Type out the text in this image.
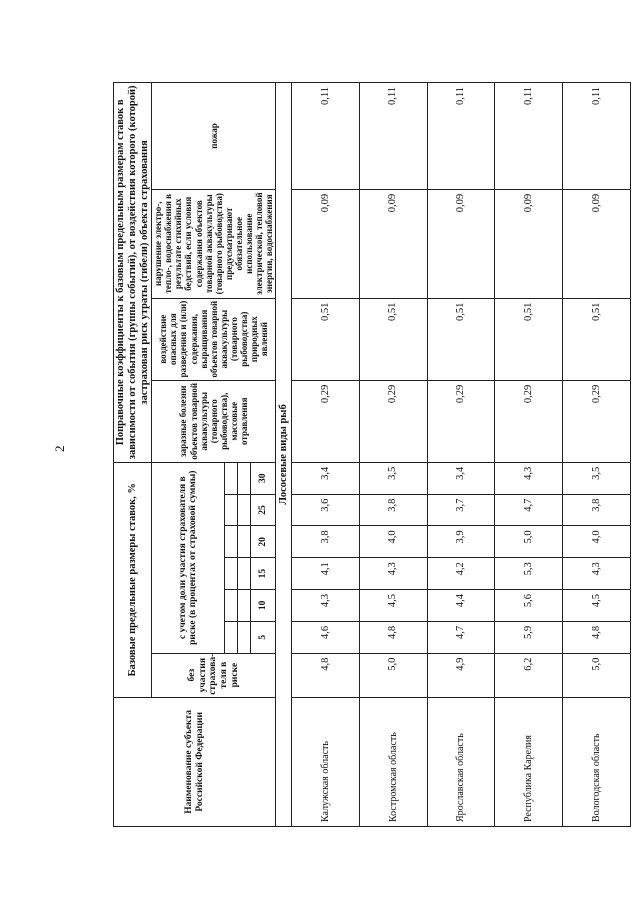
2
Наименование субъекта Российской Федерации	Базовые предельные размеры ставок, %							Поправочные коэффициенты к базовым предельным размерам ставок в зависимости от события (группы событий), от воздействия которого (которой) застрахован риск утраты (гибели) объекта страхования			
	без участия страхова-теля в риске	с учетом доли участия страхователя в риске (в процентах от страховой суммы)						заразные болезни объектов товарной аквакультуры (товарного рыбоводства), массовые отравления	воздействие опасных для разведения и (или) содержания, выращивания объектов товарной аквакультуры (товарного рыбоводства) природных явлений	нарушение электро-, тепло-, водоснабжения в результате стихийных бедствий, если условия содержания объектов товарной аквакультуры (товарного рыбоводства) предусматривают обязательное использование электрической, тепловой энергии, водоснабжения	пожар

		5	10	15	20	25	30				
Лососевые виды рыб											
Калужская область	4,8	4,6	4,3	4,1	3,8	3,6	3,4	0,29	0,51	0,09	0,11
Костромская область	5,0	4,8	4,5	4,3	4,0	3,8	3,5	0,29	0,51	0,09	0,11
Ярославская область	4,9	4,7	4,4	4,2	3,9	3,7	3,4	0,29	0,51	0,09	0,11
Республика Карелия	6,2	5,9	5,6	5,3	5,0	4,7	4,3	0,29	0,51	0,09	0,11
Вологодская область	5,0	4,8	4,5	4,3	4,0	3,8	3,5	0,29	0,51	0,09	0,11
